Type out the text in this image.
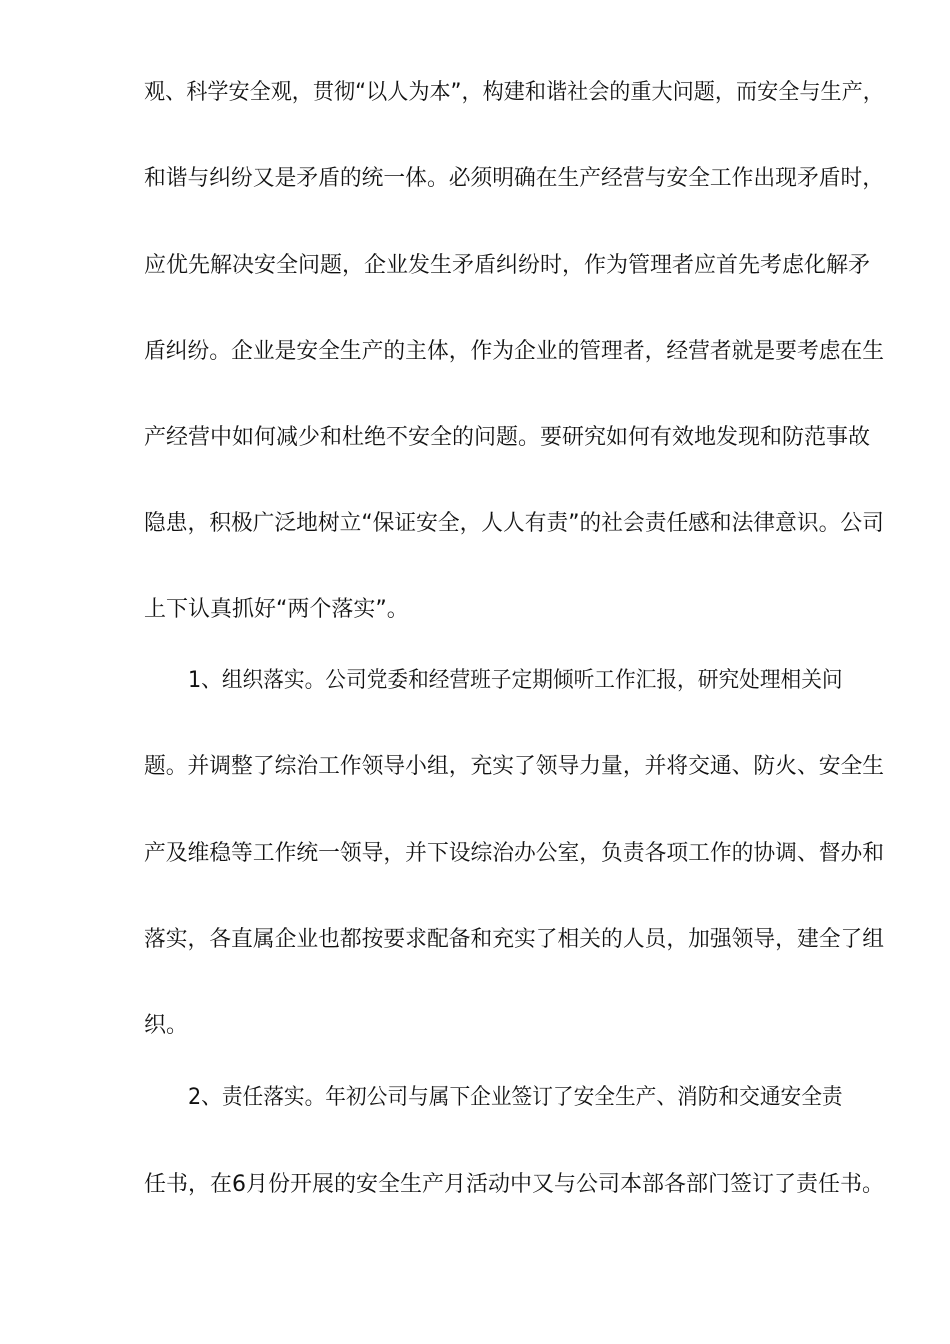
观、科学安全观，贯彻“以人为本”，构建和谐社会的重大问题，而安全与生产，
和谐与纠纷又是矛盾的统一体。必须明确在生产经营与安全工作出现矛盾时，
应优先解决安全问题，企业发生矛盾纠纷时，作为管理者应首先考虑化解矛
盾纠纷。企业是安全生产的主体，作为企业的管理者，经营者就是要考虑在生
产经营中如何减少和杜绝不安全的问题。要研究如何有效地发现和防范事故
隐患，积极广泛地树立“保证安全，人人有责”的社会责任感和法律意识。公司
上下认真抓好“两个落实”。
1、组织落实。公司党委和经营班子定期倾听工作汇报，研究处理相关问
题。并调整了综治工作领导小组，充实了领导力量，并将交通、防火、安全生
产及维稳等工作统一领导，并下设综治办公室，负责各项工作的协调、督办和
落实，各直属企业也都按要求配备和充实了相关的人员，加强领导，建全了组
织。
2、责任落实。年初公司与属下企业签订了安全生产、消防和交通安全责
任书，在6月份开展的安全生产月活动中又与公司本部各部门签订了责任书。
